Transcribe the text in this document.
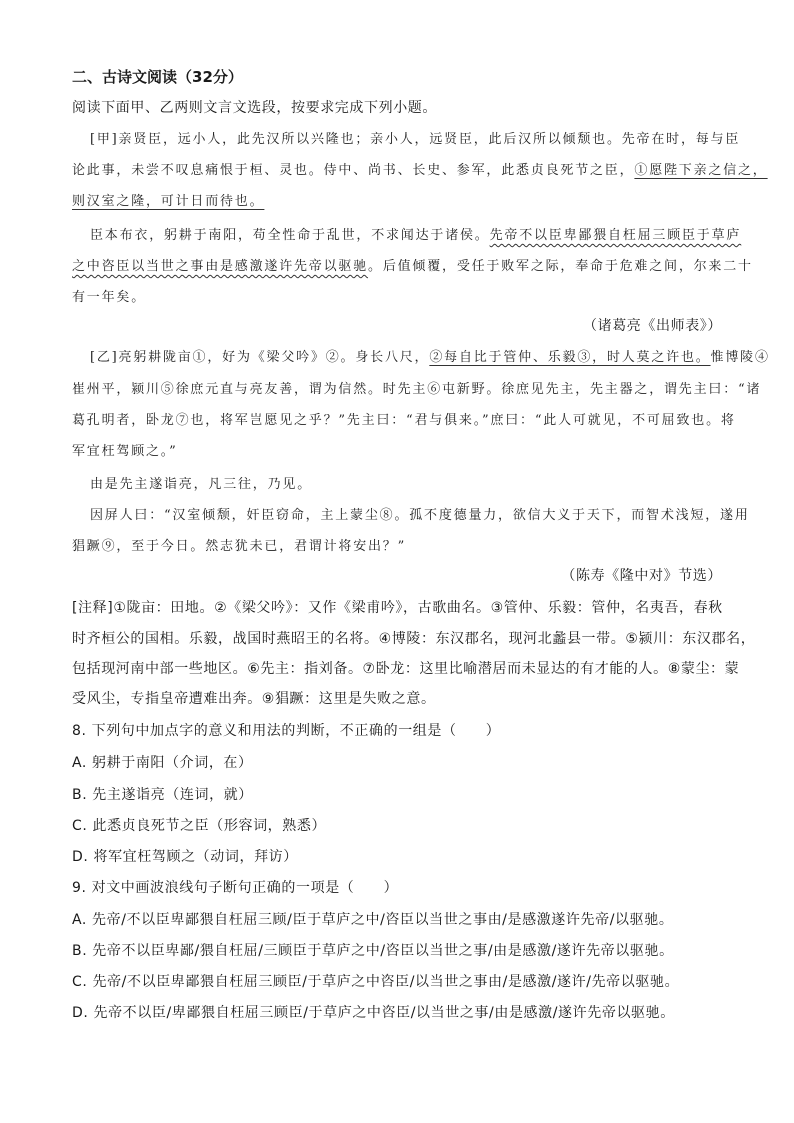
二、古诗文阅读（32分）
阅读下面甲、乙两则文言文选段，按要求完成下列小题。
[甲]亲贤臣，远小人，此先汉所以兴隆也；亲小人，远贤臣，此后汉所以倾颓也。先帝在时，每与臣
论此事，未尝不叹息痛恨于桓、灵也。侍中、尚书、长史、参军，此悉贞良死节之臣，①愿陛下亲之信之，
则汉室之隆，可计日而待也。
臣本布衣，躬耕于南阳，苟全性命于乱世，不求闻达于诸侯。先帝不以臣卑鄙猥自枉屈三顾臣于草庐
之中咨臣以当世之事由是感激遂许先帝以驱驰。后值倾覆，受任于败军之际，奉命于危难之间，尔来二十
有一年矣。
（诸葛亮《出师表》）
[乙]亮躬耕陇亩①，好为《梁父吟》②。身长八尺，②每自比于管仲、乐毅③，时人莫之许也。惟博陵④
崔州平，颍川⑤徐庶元直与亮友善，谓为信然。时先主⑥屯新野。徐庶见先主，先主器之，谓先主曰：“诸
葛孔明者，卧龙⑦也，将军岂愿见之乎？”先主曰：“君与俱来。”庶曰：“此人可就见，不可屈致也。将
军宜枉驾顾之。”
由是先主遂诣亮，凡三往，乃见。
因屏人曰：“汉室倾颓，奸臣窃命，主上蒙尘⑧。孤不度德量力，欲信大义于天下，而智术浅短，遂用
猖蹶⑨，至于今日。然志犹未已，君谓计将安出？”
（陈寿《隆中对》节选）
[注释]①陇亩：田地。②《梁父吟》：又作《梁甫吟》，古歌曲名。③管仲、乐毅：管仲，名夷吾，春秋
时齐桓公的国相。乐毅，战国时燕昭王的名将。④博陵：东汉郡名，现河北蠡县一带。⑤颍川：东汉郡名，
包括现河南中部一些地区。⑥先主：指刘备。⑦卧龙：这里比喻潜居而未显达的有才能的人。⑧蒙尘：蒙
受风尘，专指皇帝遭难出奔。⑨猖蹶：这里是失败之意。
8. 下列句中加点字的意义和用法的判断，不正确的一组是（　　）
A. 躬耕于南阳（介词，在）
B. 先主遂诣亮（连词，就）
C. 此悉贞良死节之臣（形容词，熟悉）
D. 将军宜枉驾顾之（动词，拜访）
9. 对文中画波浪线句子断句正确的一项是（　　）
A. 先帝/不以臣卑鄙猥自枉屈三顾/臣于草庐之中/咨臣以当世之事由/是感激遂许先帝/以驱驰。
B. 先帝不以臣卑鄙/猥自枉屈/三顾臣于草庐之中/咨臣以当世之事/由是感激/遂许先帝以驱驰。
C. 先帝/不以臣卑鄙猥自枉屈三顾臣/于草庐之中咨臣/以当世之事由/是感激/遂许/先帝以驱驰。
D. 先帝不以臣/卑鄙猥自枉屈三顾臣/于草庐之中咨臣/以当世之事/由是感激/遂许先帝以驱驰。
